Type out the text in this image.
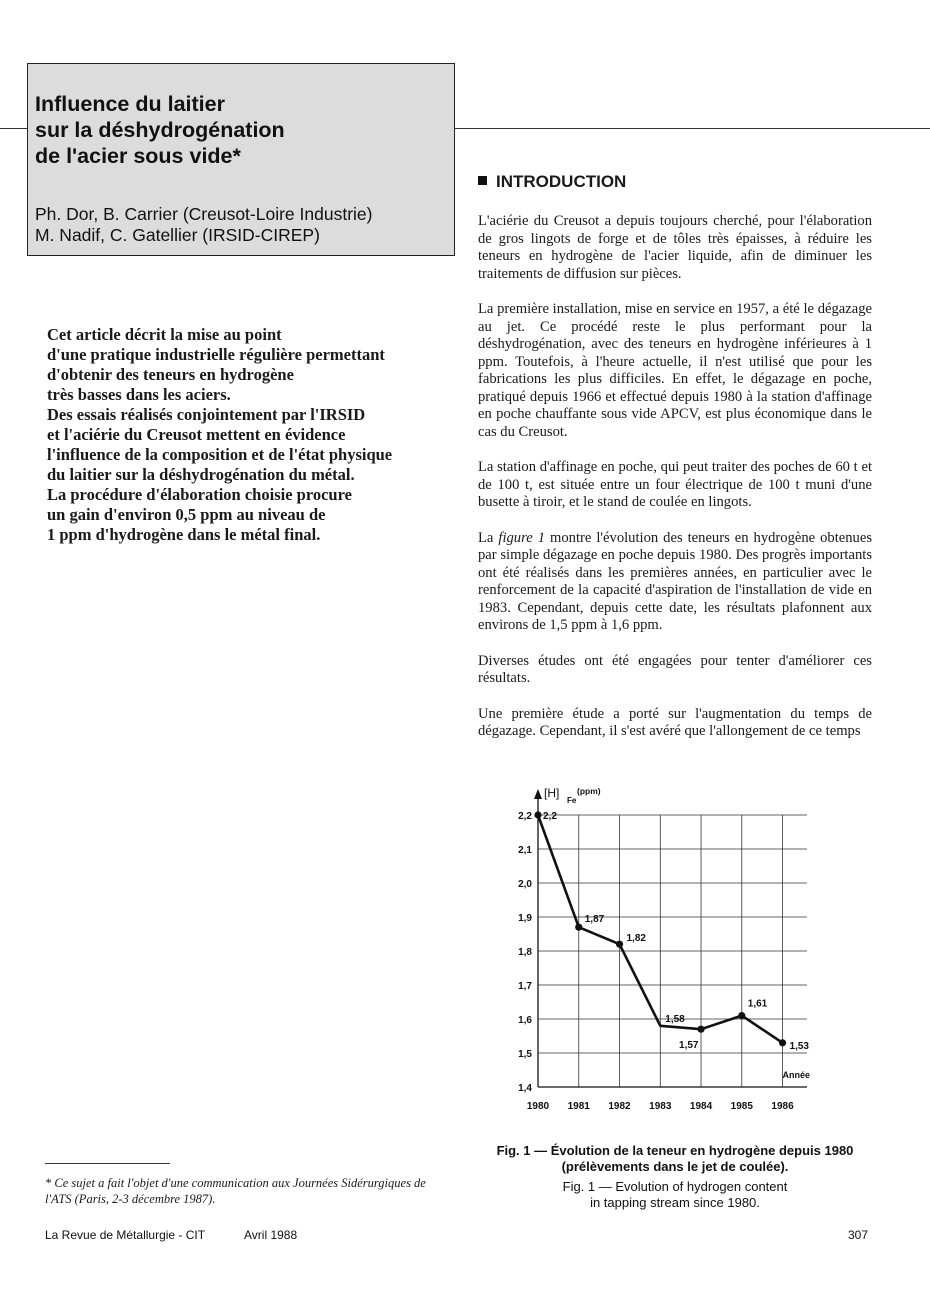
Influence du laitier
sur la déshydrogénation
de l'acier sous vide*
Ph. Dor, B. Carrier (Creusot-Loire Industrie)
M. Nadif, C. Gatellier (IRSID-CIREP)
Cet article décrit la mise au point
d'une pratique industrielle régulière permettant
d'obtenir des teneurs en hydrogène
très basses dans les aciers.
Des essais réalisés conjointement par l'IRSID
et l'aciérie du Creusot mettent en évidence
l'influence de la composition et de l'état physique
du laitier sur la déshydrogénation du métal.
La procédure d'élaboration choisie procure
un gain d'environ 0,5 ppm au niveau de
1 ppm d'hydrogène dans le métal final.
INTRODUCTION

L'aciérie du Creusot a depuis toujours cherché, pour l'élaboration de gros lingots de forge et de tôles très épaisses, à réduire les teneurs en hydrogène de l'acier liquide, afin de diminuer les traitements de diffusion sur pièces.

La première installation, mise en service en 1957, a été le dégazage au jet. Ce procédé reste le plus performant pour la déshydrogénation, avec des teneurs en hydrogène inférieures à 1 ppm. Toutefois, à l'heure actuelle, il n'est utilisé que pour les fabrications les plus difficiles. En effet, le dégazage en poche, pratiqué depuis 1966 et effectué depuis 1980 à la station d'affinage en poche chauffante sous vide APCV, est plus économique dans le cas du Creusot.

La station d'affinage en poche, qui peut traiter des poches de 60 t et de 100 t, est située entre un four électrique de 100 t muni d'une busette à tiroir, et le stand de coulée en lingots.

La figure 1 montre l'évolution des teneurs en hydrogène obtenues par simple dégazage en poche depuis 1980. Des progrès importants ont été réalisés dans les premières années, en particulier avec le renforcement de la capacité d'aspiration de l'installation de vide en 1983. Cependant, depuis cette date, les résultats plafonnent aux environs de 1,5 ppm à 1,6 ppm.

Diverses études ont été engagées pour tenter d'améliorer ces résultats.

Une première étude a porté sur l'augmentation du temps de dégazage. Cependant, il s'est avéré que l'allongement de ce temps

2,2
2,1
2,0
1,9
1,8
1,7
1,6
1,5
1,4
1980 1981 1982 1983 1984 1985 1986
[H]
Fe
(ppm)
Année
2,2
1,87
1,82
1,58
1,57
1,61
1,53
Fig. 1 — Évolution de la teneur en hydrogène depuis 1980
(prélèvements dans le jet de coulée).
Fig. 1 — Evolution of hydrogen content
in tapping stream since 1980.

* Ce sujet a fait l'objet d'une communication aux Journées Sidérurgiques de l'ATS (Paris, 2-3 décembre 1987).

La Revue de Métallurgie - CIT	Avril 1988	307
